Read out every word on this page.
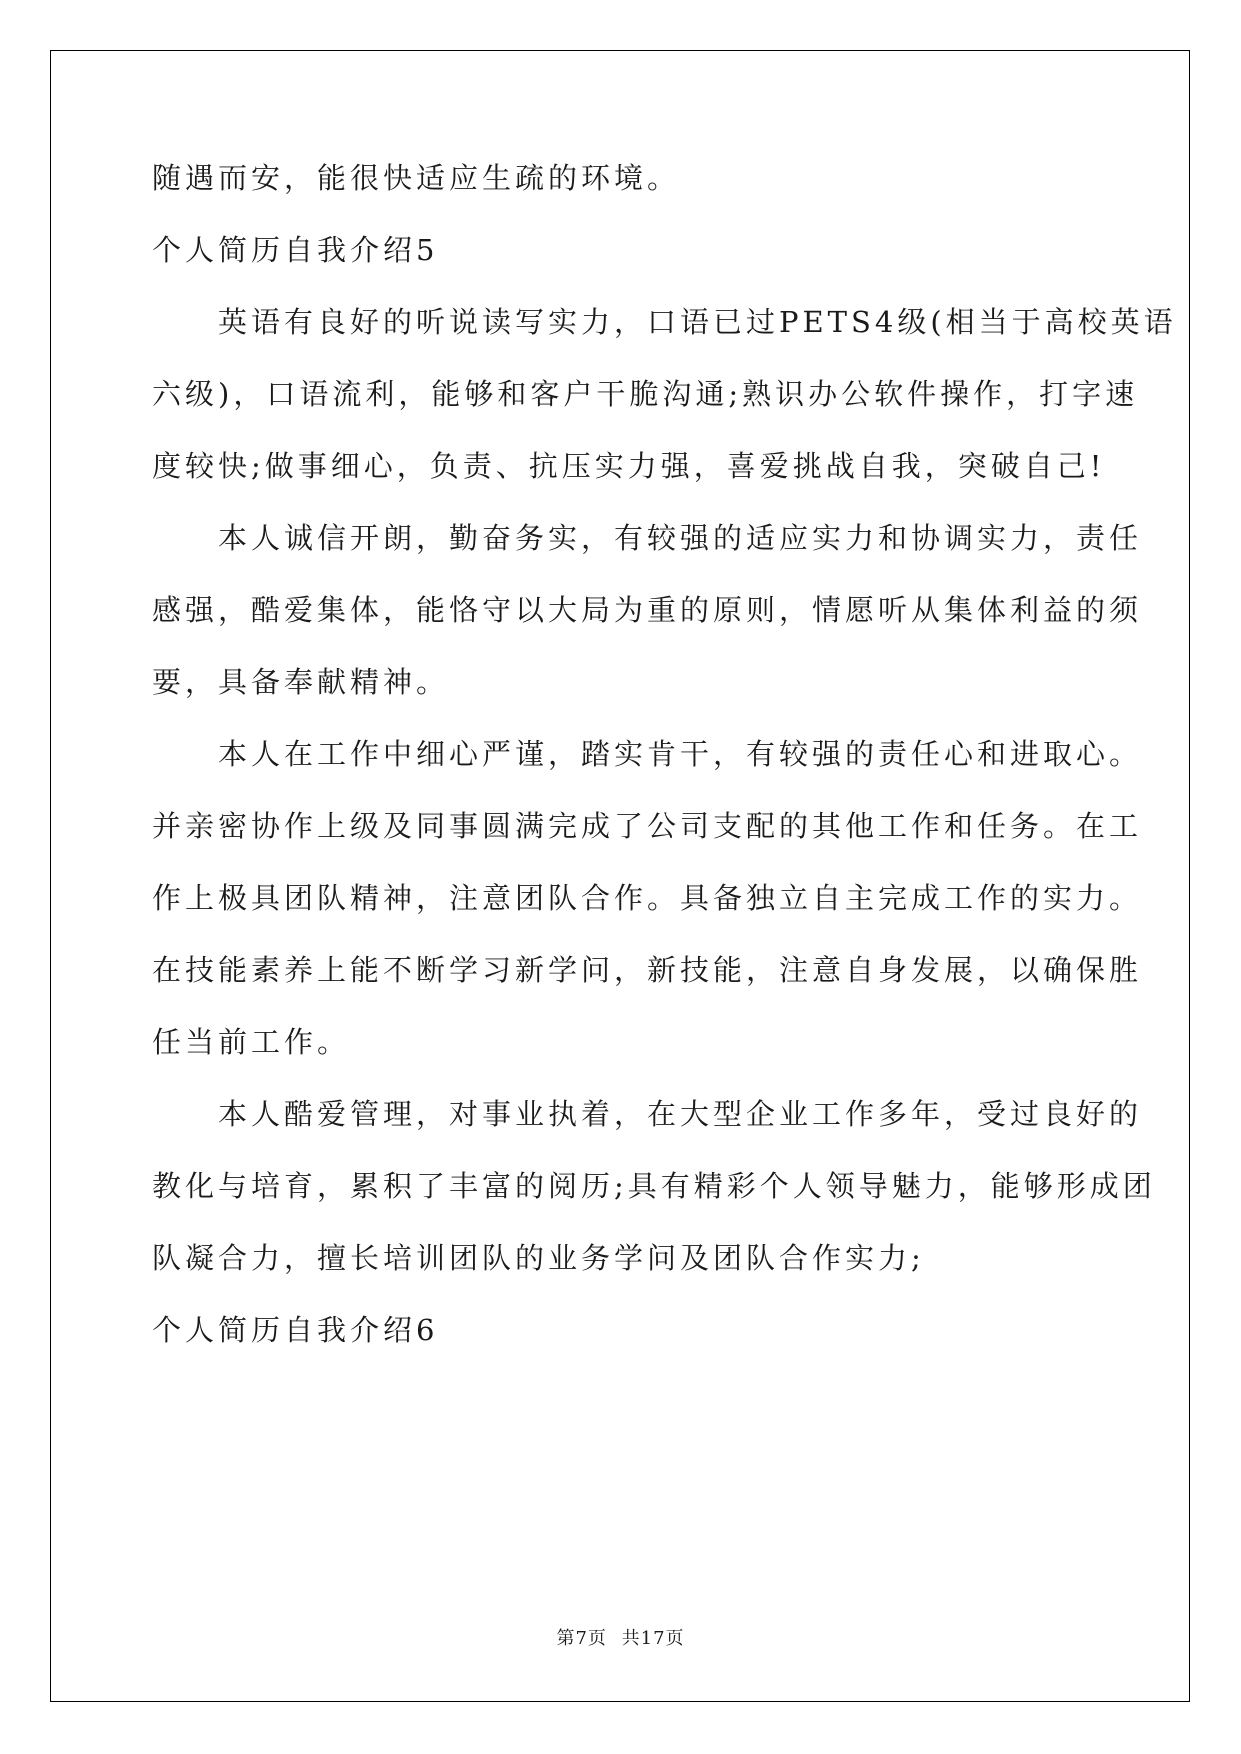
随遇而安，能很快适应生疏的环境。
个人简历自我介绍5
　　英语有良好的听说读写实力，口语已过PETS4级(相当于高校英语
六级)，口语流利，能够和客户干脆沟通;熟识办公软件操作，打字速
度较快;做事细心，负责、抗压实力强，喜爱挑战自我，突破自己!
　　本人诚信开朗，勤奋务实，有较强的适应实力和协调实力，责任
感强，酷爱集体，能恪守以大局为重的原则，情愿听从集体利益的须
要，具备奉献精神。
　　本人在工作中细心严谨，踏实肯干，有较强的责任心和进取心。
并亲密协作上级及同事圆满完成了公司支配的其他工作和任务。在工
作上极具团队精神，注意团队合作。具备独立自主完成工作的实力。
在技能素养上能不断学习新学问，新技能，注意自身发展，以确保胜
任当前工作。
　　本人酷爱管理，对事业执着，在大型企业工作多年，受过良好的
教化与培育，累积了丰富的阅历;具有精彩个人领导魅力，能够形成团
队凝合力，擅长培训团队的业务学问及团队合作实力;
个人简历自我介绍6
第7页 共17页
